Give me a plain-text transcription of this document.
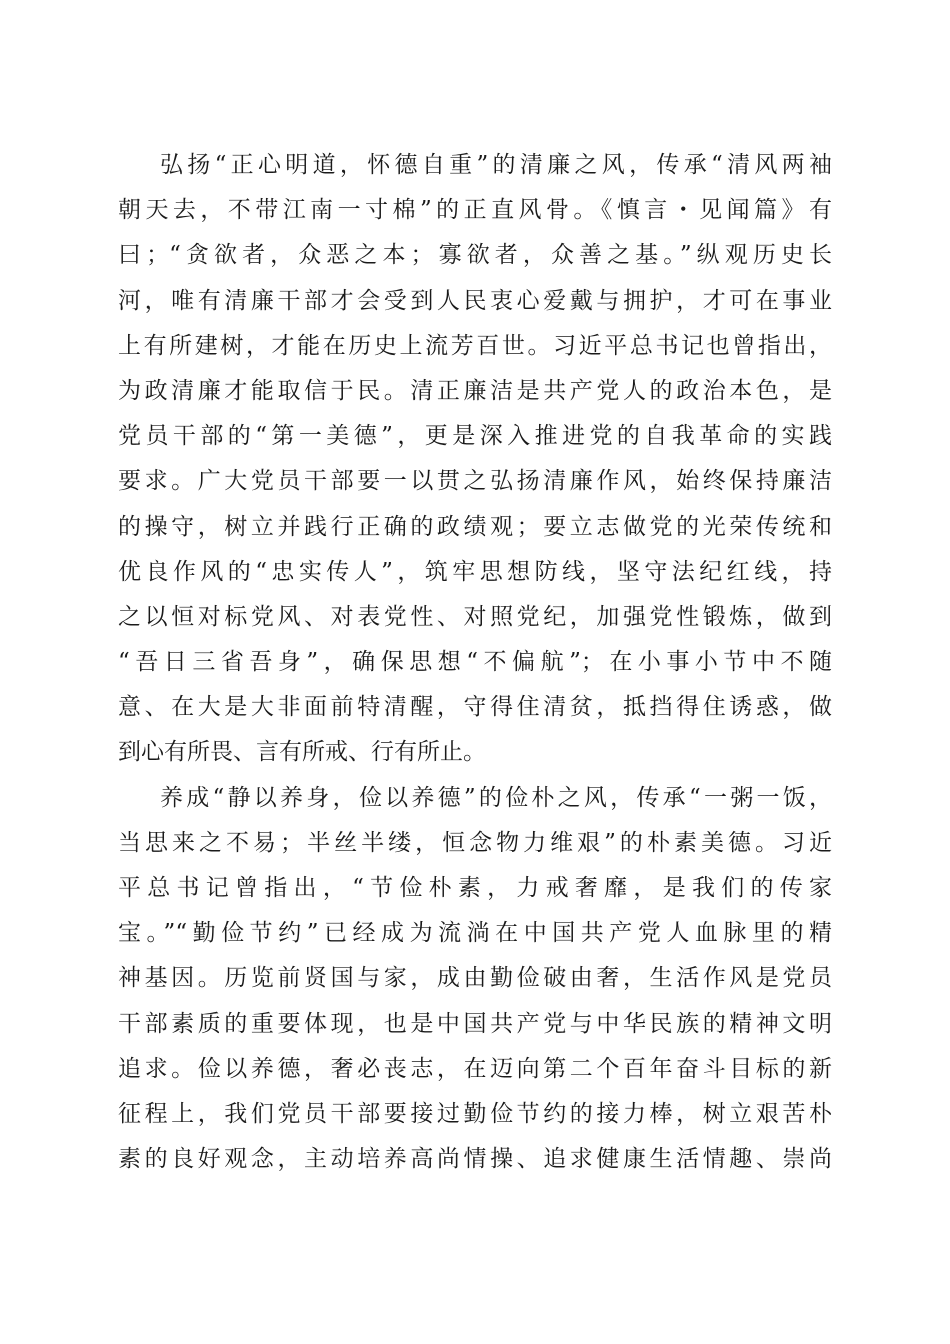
弘扬“正心明道，怀德自重”的清廉之风，传承“清风两袖
朝天去，不带江南一寸棉”的正直风骨。《慎言・见闻篇》有
曰；“贪欲者，众恶之本；寡欲者，众善之基。”纵观历史长
河，唯有清廉干部才会受到人民衷心爱戴与拥护，才可在事业
上有所建树，才能在历史上流芳百世。习近平总书记也曾指出，
为政清廉才能取信于民。清正廉洁是共产党人的政治本色，是
党员干部的“第一美德”，更是深入推进党的自我革命的实践
要求。广大党员干部要一以贯之弘扬清廉作风，始终保持廉洁
的操守，树立并践行正确的政绩观；要立志做党的光荣传统和
优良作风的“忠实传人”，筑牢思想防线，坚守法纪红线，持
之以恒对标党风、对表党性、对照党纪，加强党性锻炼，做到
“吾日三省吾身”，确保思想“不偏航”；在小事小节中不随
意、在大是大非面前特清醒，守得住清贫，抵挡得住诱惑，做
到心有所畏、言有所戒、行有所止。
养成“静以养身，俭以养德”的俭朴之风，传承“一粥一饭，
当思来之不易；半丝半缕，恒念物力维艰”的朴素美德。习近
平总书记曾指出，“节俭朴素，力戒奢靡，是我们的传家
宝。”“勤俭节约”已经成为流淌在中国共产党人血脉里的精
神基因。历览前贤国与家，成由勤俭破由奢，生活作风是党员
干部素质的重要体现，也是中国共产党与中华民族的精神文明
追求。俭以养德，奢必丧志，在迈向第二个百年奋斗目标的新
征程上，我们党员干部要接过勤俭节约的接力棒，树立艰苦朴
素的良好观念，主动培养高尚情操、追求健康生活情趣、崇尚
